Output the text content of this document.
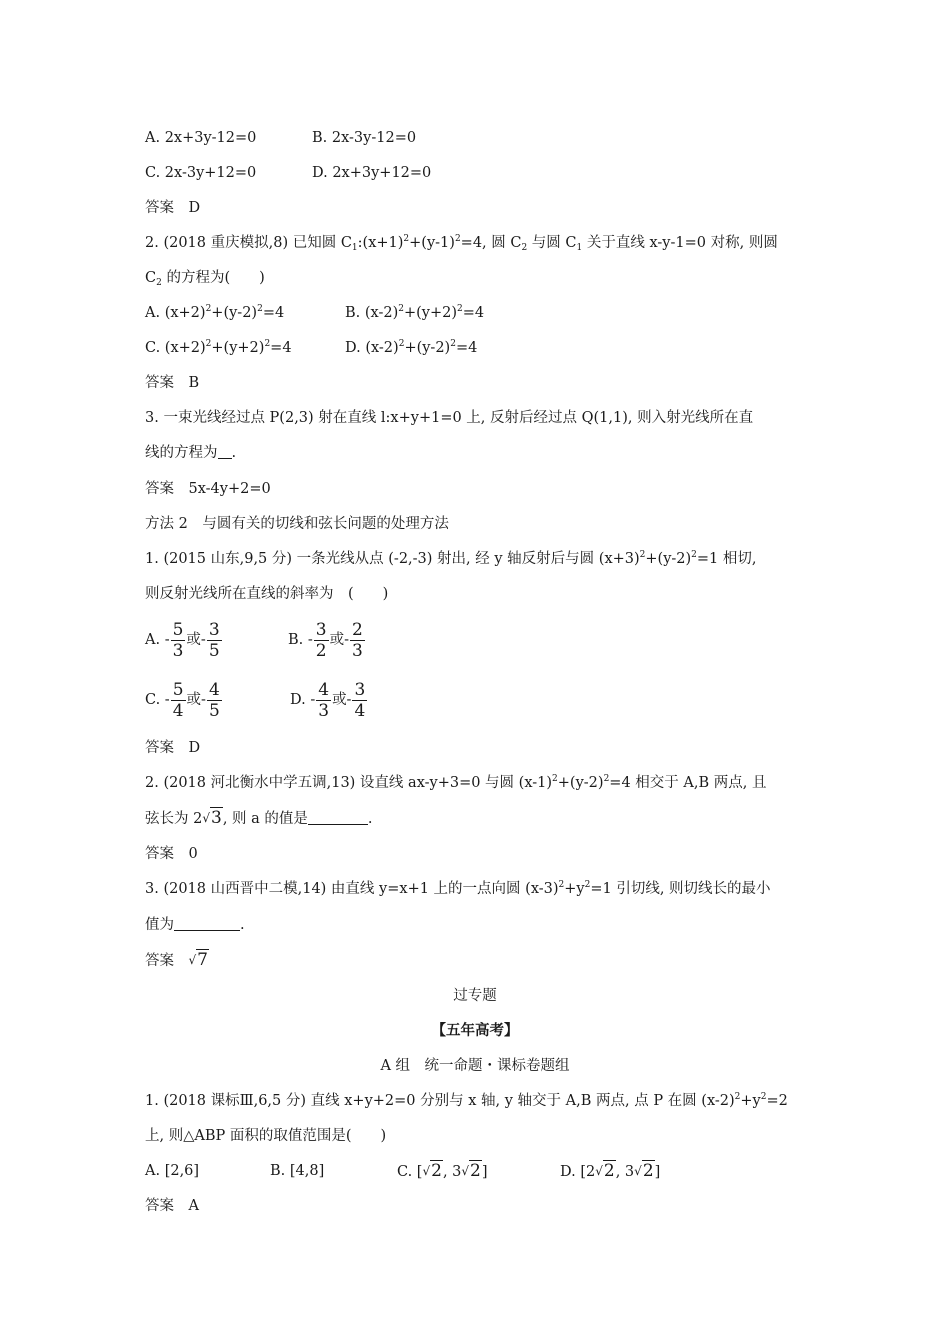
A. 2x+3y-12=0	B. 2x-3y-12=0
C. 2x-3y+12=0	D. 2x+3y+12=0
答案　D
2. (2018 重庆模拟,8) 已知圆 $C_1:(x+1)^2+(y-1)^2=4$, 圆 $C_2$ 与圆 $C_1$ 关于直线 x-y-1=0 对称, 则圆
$C_2$ 的方程为(　　)
A. $(x+2)^2+(y-2)^2=4$	B. $(x-2)^2+(y+2)^2=4$
C. $(x+2)^2+(y+2)^2=4$	D. $(x-2)^2+(y-2)^2=4$
答案　B
3. 一束光线经过点 P(2,3) 射在直线 l:x+y+1=0 上, 反射后经过点 Q(1,1), 则入射光线所在直
线的方程为 .
答案　5x-4y+2=0
方法 2　与圆有关的切线和弦长问题的处理方法
1. (2015 山东,9,5 分) 一条光线从点 (-2,-3) 射出, 经 y 轴反射后与圆 $(x+3)^2+(y-2)^2=1$ 相切,
则反射光线所在直线的斜率为　(　　)
A. - $\frac{5}{3}$ 或- $\frac{3}{5}$	B. - $\frac{3}{2}$ 或- $\frac{2}{3}$
C. - $\frac{5}{4}$ 或- $\frac{4}{5}$	D. - $\frac{4}{3}$ 或- $\frac{3}{4}$
答案　D
2. (2018 河北衡水中学五调,13) 设直线 ax-y+3=0 与圆 $(x-1)^2+(y-2)^2=4$ 相交于 A,B 两点, 且
弦长为 2√3, 则 a 的值是	.
答案　0
3. (2018 山西晋中二模,14) 由直线 y=x+1 上的一点向圆 $(x-3)^2+y^2=1$ 引切线, 则切线长的最小
值为	.
答案　√7
过专题
【五年高考】
A 组　统一命题・课标卷题组
1. (2018 课标Ⅲ,6,5 分) 直线 x+y+2=0 分别与 x 轴, y 轴交于 A,B 两点, 点 P 在圆 $(x-2)^2+y^2=2$
上, 则△ABP 面积的取值范围是(　　)
A. [2,6]	B. [4,8]	C. [√2, 3√2]	D. [2√2, 3√2]
答案　A
